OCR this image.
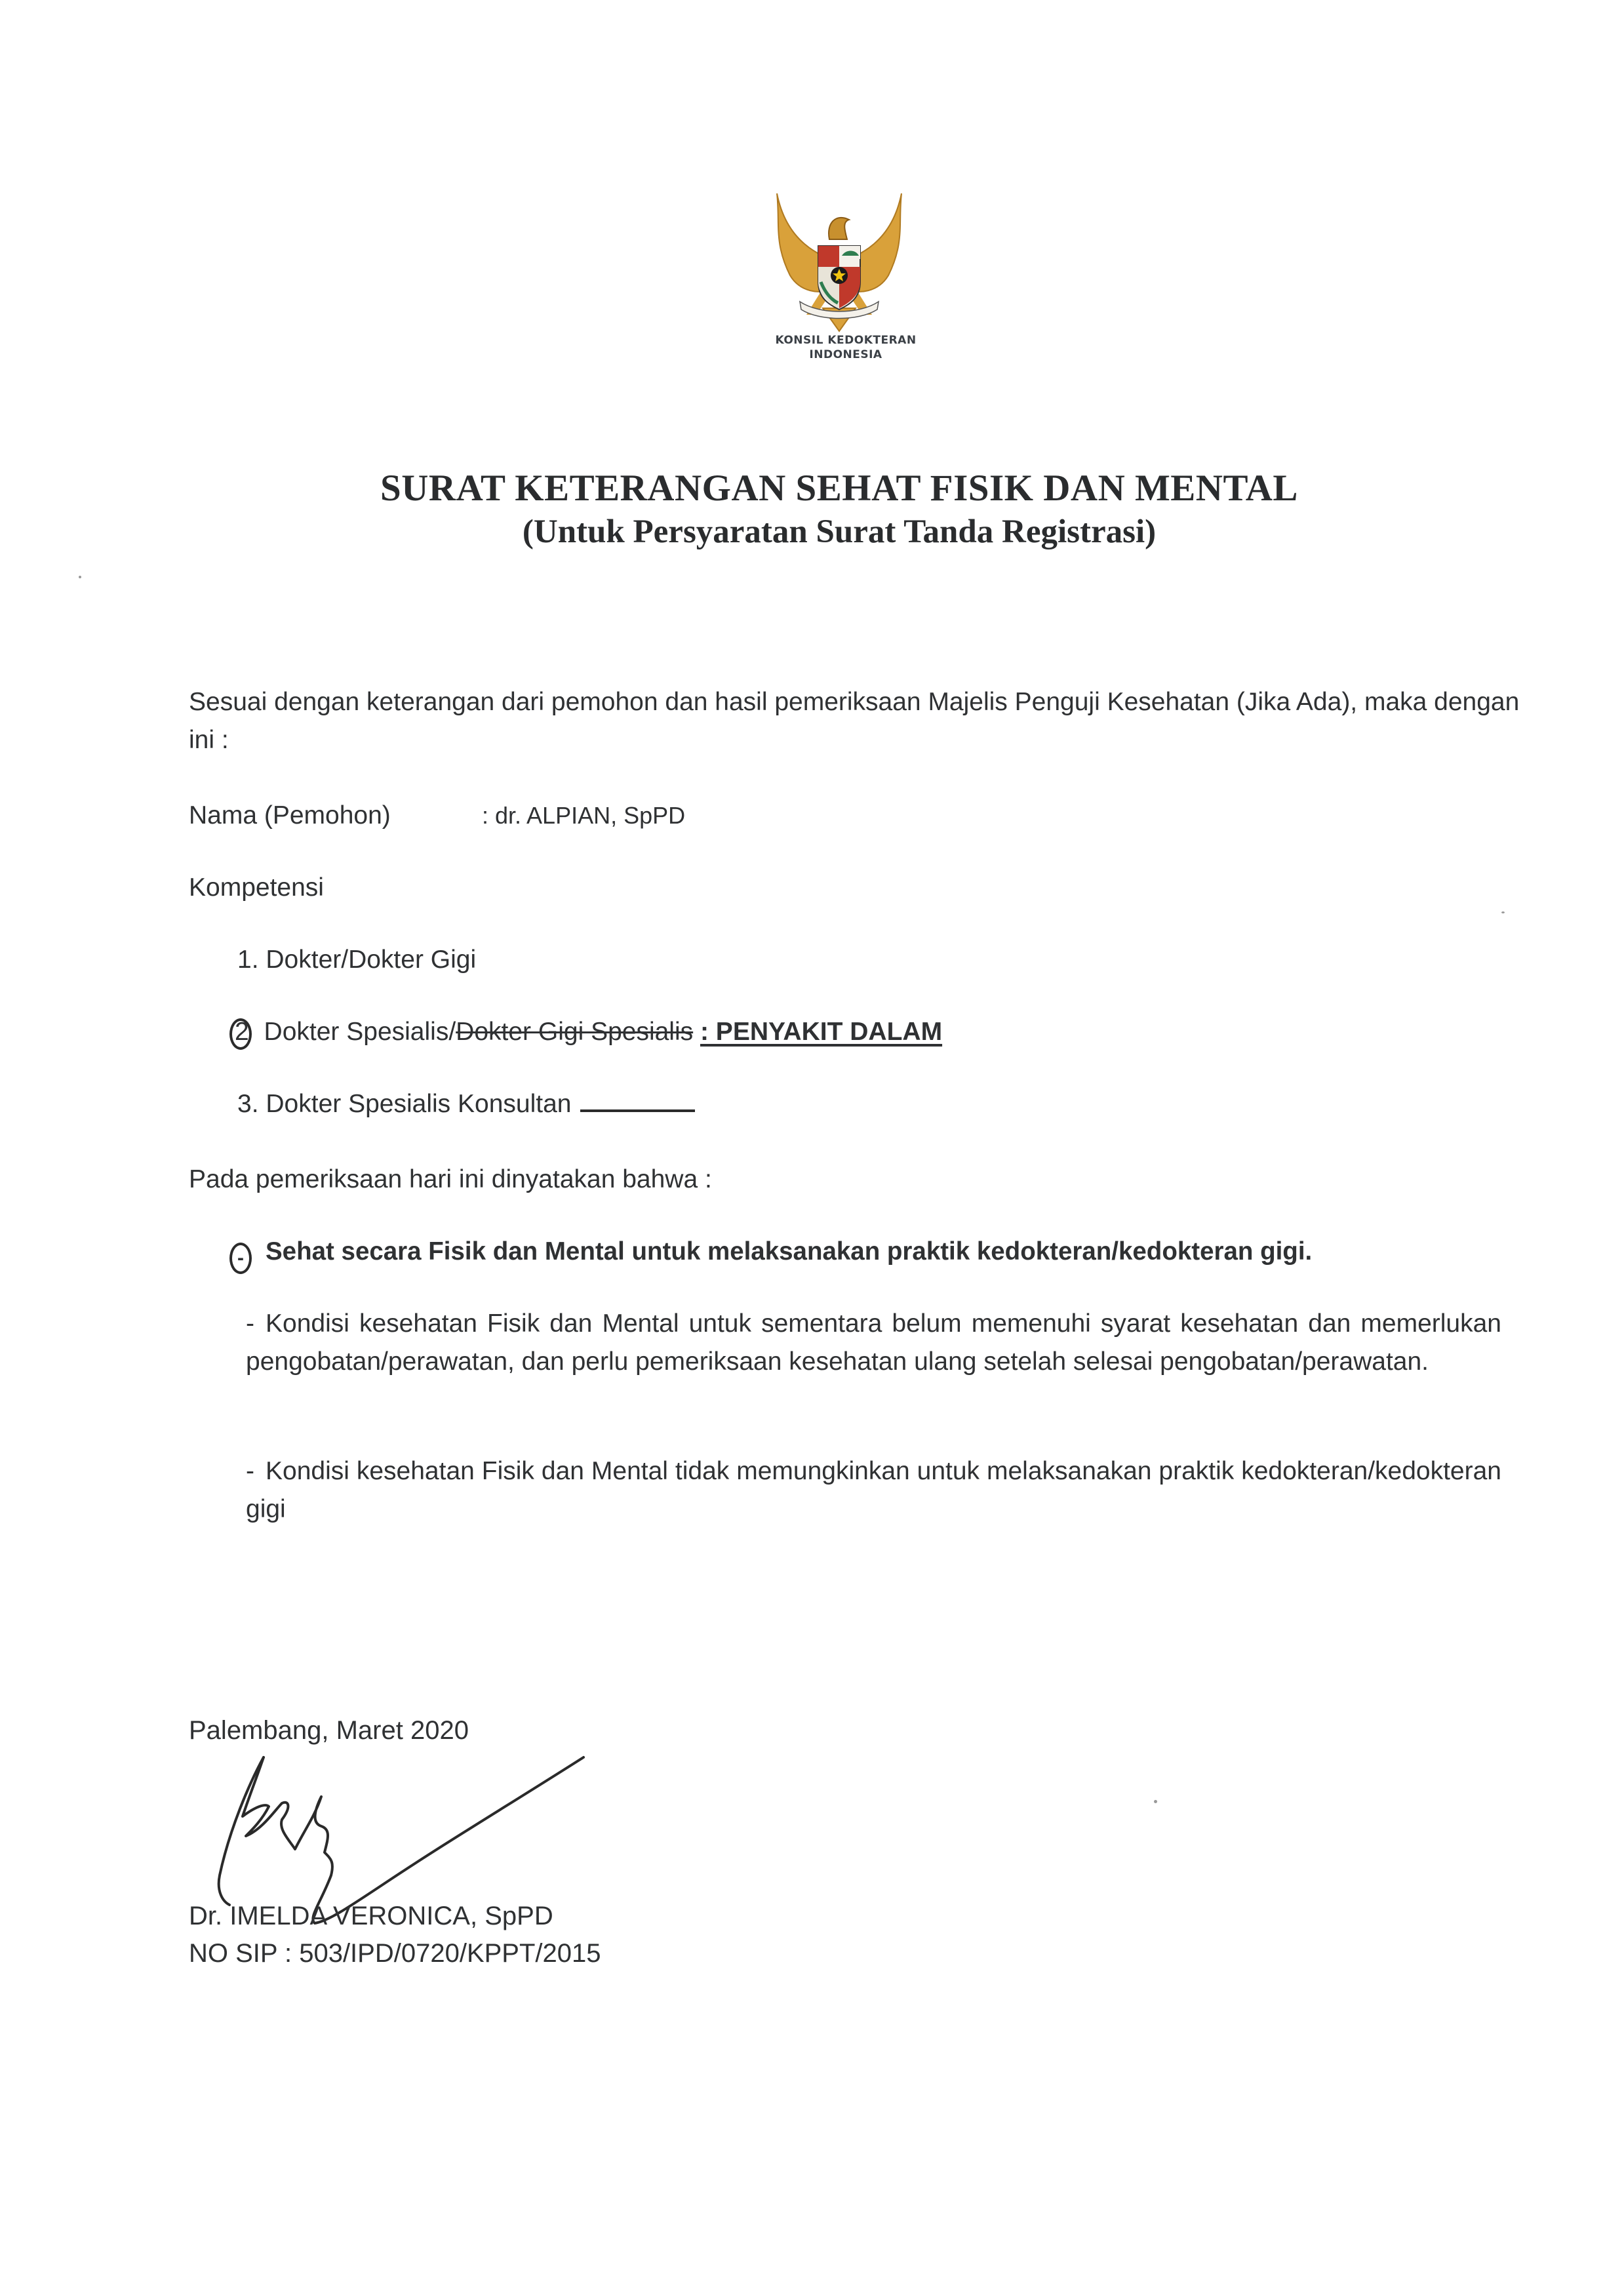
KONSIL KEDOKTERAN
INDONESIA
SURAT KETERANGAN SEHAT FISIK DAN MENTAL
(Untuk Persyaratan Surat Tanda Registrasi)
Sesuai dengan keterangan dari pemohon dan hasil pemeriksaan Majelis Penguji Kesehatan (Jika Ada), maka dengan ini :
Nama (Pemohon)	: dr. ALPIAN, SpPD
Kompetensi
1. Dokter/Dokter Gigi
2 Dokter Spesialis/Dokter Gigi Spesialis : PENYAKIT DALAM
3. Dokter Spesialis Konsultan
Pada pemeriksaan hari ini dinyatakan bahwa :
- Sehat secara Fisik dan Mental untuk melaksanakan praktik kedokteran/kedokteran gigi.
- Kondisi kesehatan Fisik dan Mental untuk sementara belum memenuhi syarat kesehatan dan memerlukan pengobatan/perawatan, dan perlu pemeriksaan kesehatan ulang setelah selesai pengobatan/perawatan.
- Kondisi kesehatan Fisik dan Mental tidak memungkinkan untuk melaksanakan praktik kedokteran/kedokteran gigi
Palembang, Maret 2020
Dr. IMELDA VERONICA, SpPD
NO SIP : 503/IPD/0720/KPPT/2015
